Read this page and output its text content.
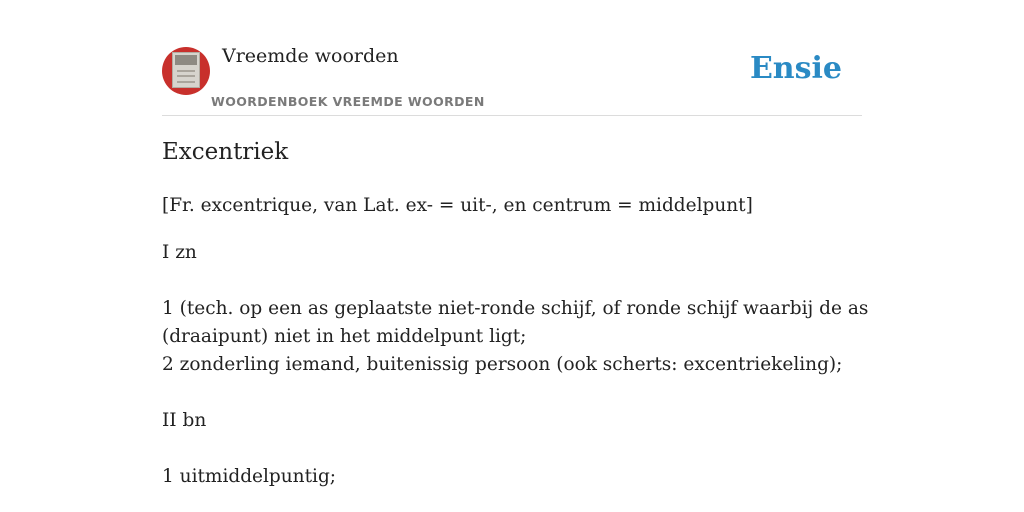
Vreemde woorden
WOORDENBOEK VREEMDE WOORDEN
Ensie
Excentriek
[Fr. excentrique, van Lat. ex- = uit-, en centrum = middelpunt]
I zn
1 (tech. op een as geplaatste niet-ronde schijf, of ronde schijf waarbij de as
(draaipunt) niet in het middelpunt ligt;
2 zonderling iemand, buitenissig persoon (ook scherts: excentriekeling);
II bn
1 uitmiddelpuntig;
